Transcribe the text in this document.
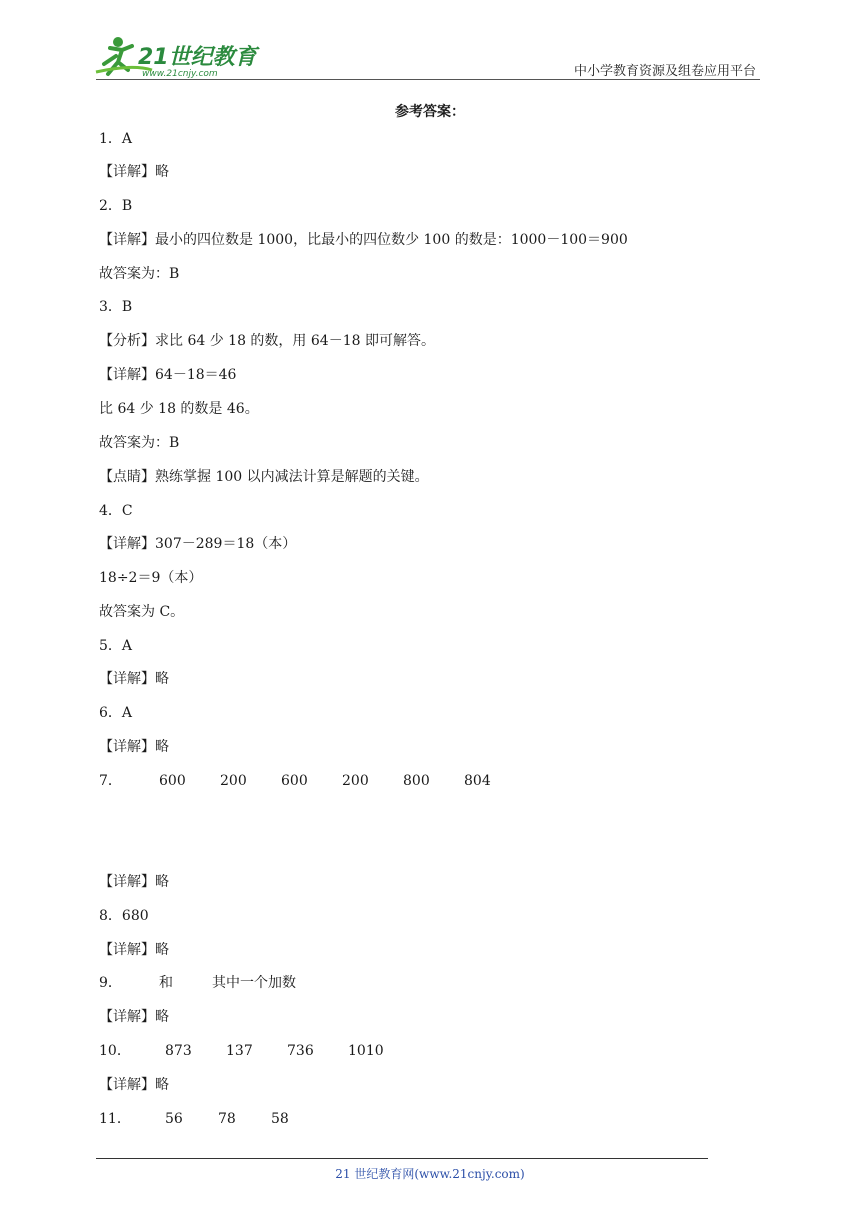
21世纪教育
www.21cnjy.com	中小学教育资源及组卷应用平台
参考答案：
1．A
【详解】略
2．B
【详解】最小的四位数是 1000，比最小的四位数少 100 的数是：1000－100＝900
故答案为：B
3．B
【分析】求比 64 少 18 的数，用 64－18 即可解答。
【详解】64－18＝46
比 64 少 18 的数是 46。
故答案为：B
【点睛】熟练掌握 100 以内减法计算是解题的关键。
4．C
【详解】307－289＝18（本）
18÷2＝9（本）
故答案为 C。
5．A
【详解】略
6．A
【详解】略
7．	600 200 600 200 800 804
【详解】略
8．680
【详解】略
9．	和	其中一个加数
【详解】略
10． 873 137 736 1010
【详解】略
11． 56	78	58
21 世纪教育网(www.21cnjy.com)
